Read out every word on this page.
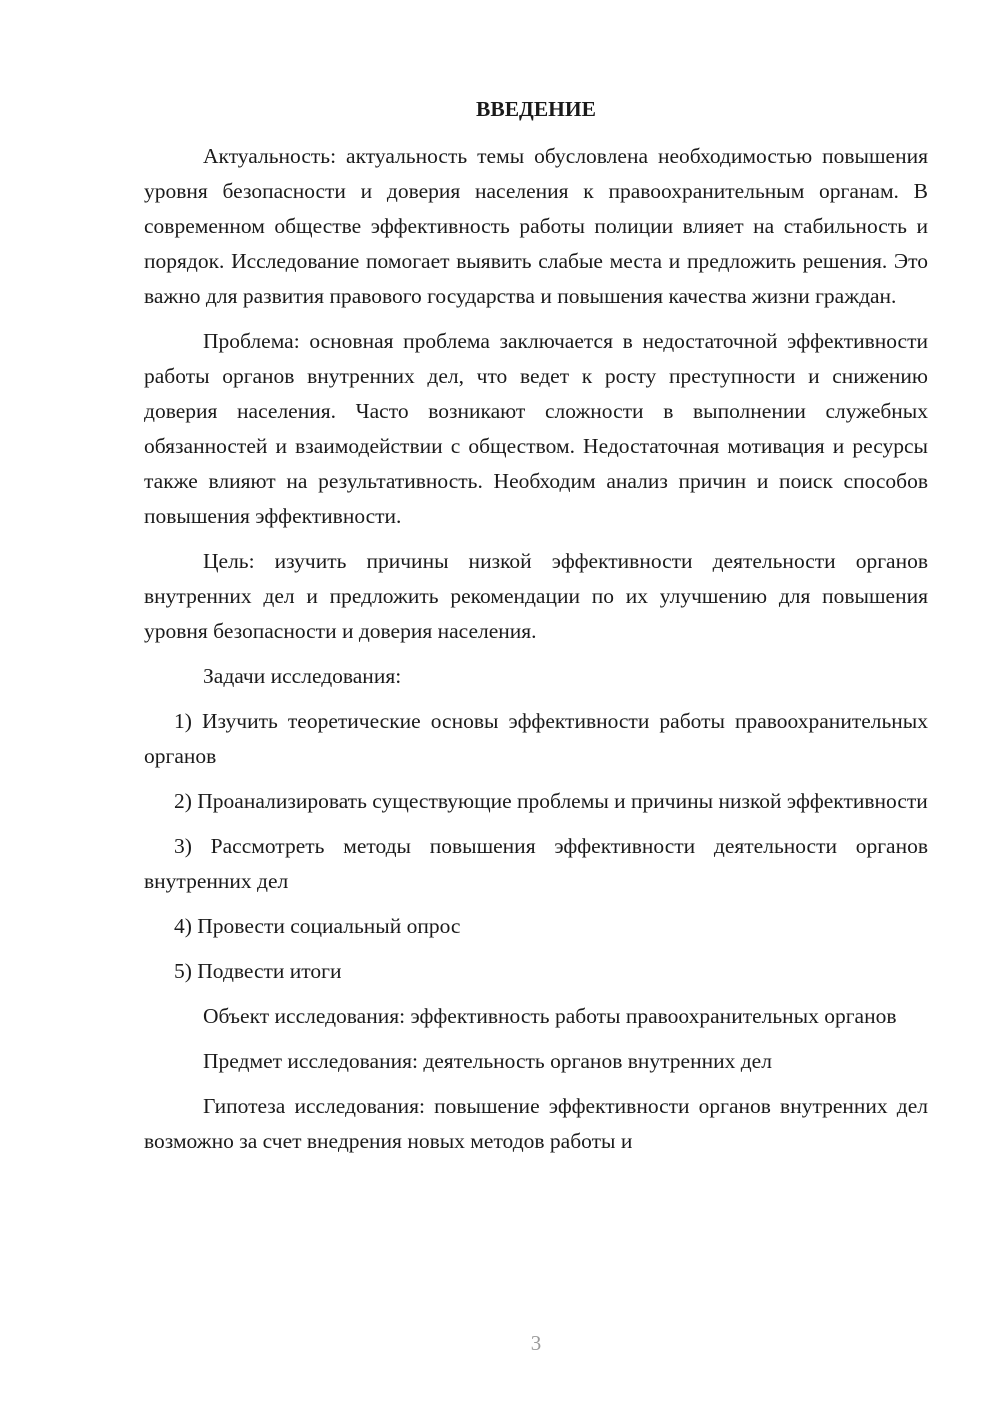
ВВЕДЕНИЕ

Актуальность: актуальность темы обусловлена необходимостью повышения уровня безопасности и доверия населения к правоохранительным органам. В современном обществе эффективность работы полиции влияет на стабильность и порядок. Исследование помогает выявить слабые места и предложить решения. Это важно для развития правового государства и повышения качества жизни граждан.

Проблема: основная проблема заключается в недостаточной эффективности работы органов внутренних дел, что ведет к росту преступности и снижению доверия населения. Часто возникают сложности в выполнении служебных обязанностей и взаимодействии с обществом. Недостаточная мотивация и ресурсы также влияют на результативность. Необходим анализ причин и поиск способов повышения эффективности.

Цель: изучить причины низкой эффективности деятельности органов внутренних дел и предложить рекомендации по их улучшению для повышения уровня безопасности и доверия населения.

Задачи исследования:

1) Изучить теоретические основы эффективности работы правоохранительных органов

2) Проанализировать существующие проблемы и причины низкой эффективности

3) Рассмотреть методы повышения эффективности деятельности органов внутренних дел

4) Провести социальный опрос

5) Подвести итоги

Объект исследования: эффективность работы правоохранительных органов

Предмет исследования: деятельность органов внутренних дел

Гипотеза исследования: повышение эффективности органов внутренних дел возможно за счет внедрения новых методов работы и

3
